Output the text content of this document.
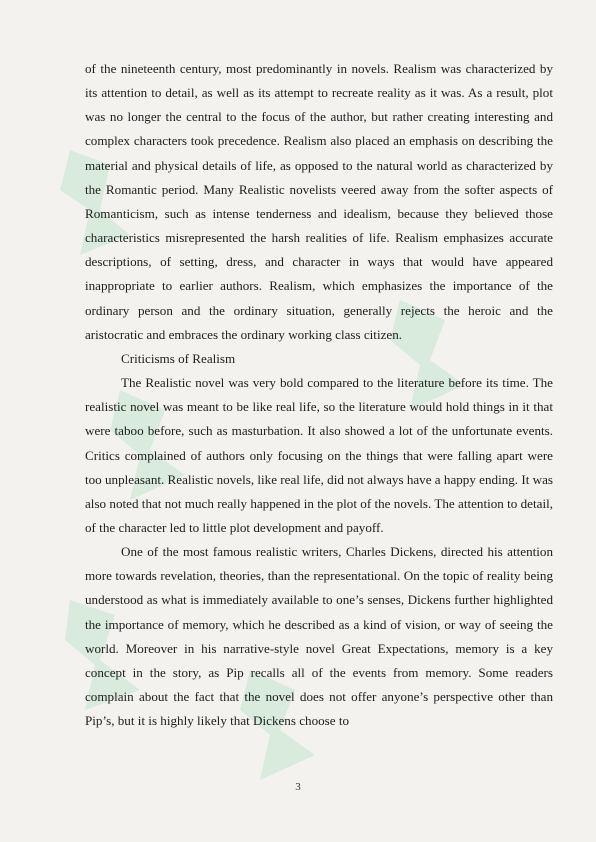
of the nineteenth century, most predominantly in novels. Realism was characterized by its attention to detail, as well as its attempt to recreate reality as it was. As a result, plot was no longer the central to the focus of the author, but rather creating interesting and complex characters took precedence. Realism also placed an emphasis on describing the material and physical details of life, as opposed to the natural world as characterized by the Romantic period. Many Realistic novelists veered away from the softer aspects of Romanticism, such as intense tenderness and idealism, because they believed those characteristics misrepresented the harsh realities of life. Realism emphasizes accurate descriptions, of setting, dress, and character in ways that would have appeared inappropriate to earlier authors. Realism, which emphasizes the importance of the ordinary person and the ordinary situation, generally rejects the heroic and the aristocratic and embraces the ordinary working class citizen.

Criticisms of Realism

The Realistic novel was very bold compared to the literature before its time. The realistic novel was meant to be like real life, so the literature would hold things in it that were taboo before, such as masturbation. It also showed a lot of the unfortunate events. Critics complained of authors only focusing on the things that were falling apart were too unpleasant. Realistic novels, like real life, did not always have a happy ending. It was also noted that not much really happened in the plot of the novels. The attention to detail, of the character led to little plot development and payoff.

One of the most famous realistic writers, Charles Dickens, directed his attention more towards revelation, theories, than the representational. On the topic of reality being understood as what is immediately available to one’s senses, Dickens further highlighted the importance of memory, which he described as a kind of vision, or way of seeing the world. Moreover in his narrative-style novel Great Expectations, memory is a key concept in the story, as Pip recalls all of the events from memory. Some readers complain about the fact that the novel does not offer anyone’s perspective other than Pip’s, but it is highly likely that Dickens choose to

3
